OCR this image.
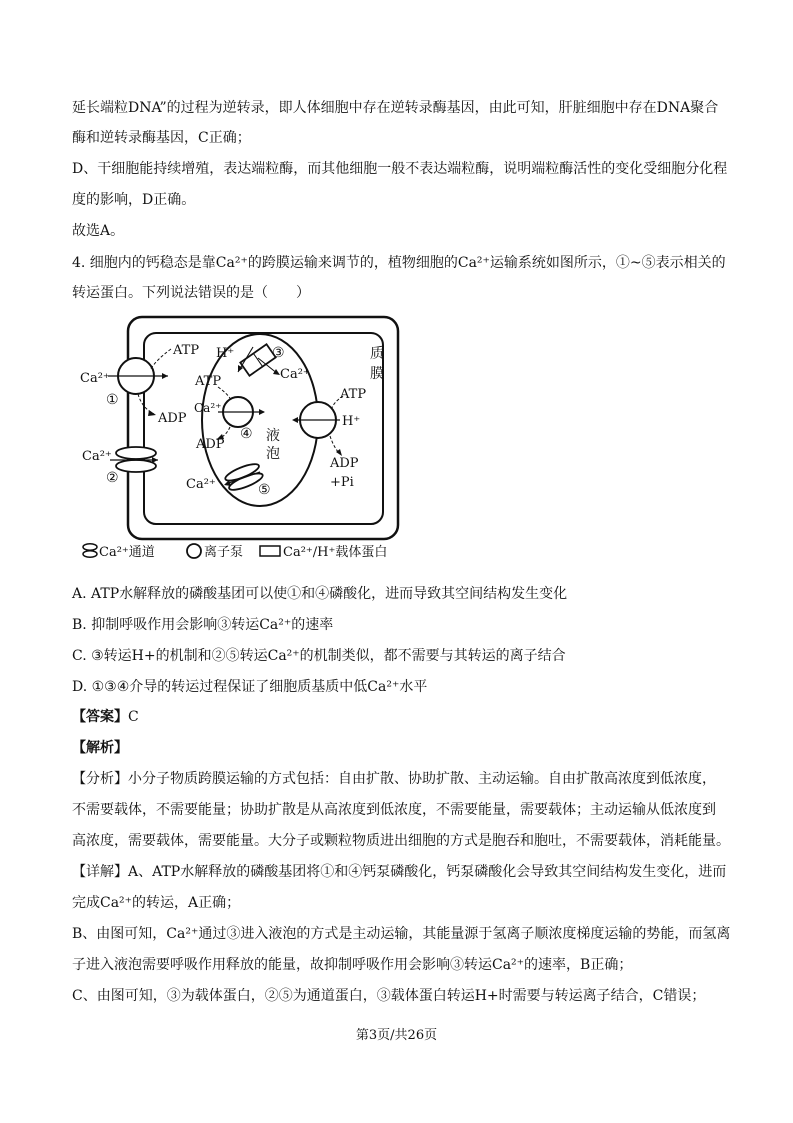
延长端粒DNA”的过程为逆转录，即人体细胞中存在逆转录酶基因，由此可知，肝脏细胞中存在DNA聚合
酶和逆转录酶基因，C正确；
D、干细胞能持续增殖，表达端粒酶，而其他细胞一般不表达端粒酶，说明端粒酶活性的变化受细胞分化程
度的影响，D正确。
故选A。
4. 细胞内的钙稳态是靠Ca²⁺的跨膜运输来调节的，植物细胞的Ca²⁺运输系统如图所示，①~⑤表示相关的
转运蛋白。下列说法错误的是（　　）
Ca²⁺
①
ATP
ADP
Ca²⁺
②
H⁺	③
Ca²⁺
ATP
Ca²⁺
④
ADP
液
泡
Ca²⁺	⑤
ATP
H⁺
ADP
+Pi
质
膜
Ca²⁺通道	离子泵	Ca²⁺/H⁺载体蛋白
A. ATP水解释放的磷酸基团可以使①和④磷酸化，进而导致其空间结构发生变化
B. 抑制呼吸作用会影响③转运Ca²⁺的速率
C. ③转运H+的机制和②⑤转运Ca²⁺的机制类似，都不需要与其转运的离子结合
D. ①③④介导的转运过程保证了细胞质基质中低Ca²⁺水平
【答案】C
【解析】
【分析】小分子物质跨膜运输的方式包括：自由扩散、协助扩散、主动运输。自由扩散高浓度到低浓度，
不需要载体，不需要能量；协助扩散是从高浓度到低浓度，不需要能量，需要载体；主动运输从低浓度到
高浓度，需要载体，需要能量。大分子或颗粒物质进出细胞的方式是胞吞和胞吐，不需要载体，消耗能量。
【详解】A、ATP水解释放的磷酸基团将①和④钙泵磷酸化，钙泵磷酸化会导致其空间结构发生变化，进而
完成Ca²⁺的转运，A正确；
B、由图可知，Ca²⁺通过③进入液泡的方式是主动运输，其能量源于氢离子顺浓度梯度运输的势能，而氢离
子进入液泡需要呼吸作用释放的能量，故抑制呼吸作用会影响③转运Ca²⁺的速率，B正确；
C、由图可知，③为载体蛋白，②⑤为通道蛋白，③载体蛋白转运H+时需要与转运离子结合，C错误；
第3页/共26页
